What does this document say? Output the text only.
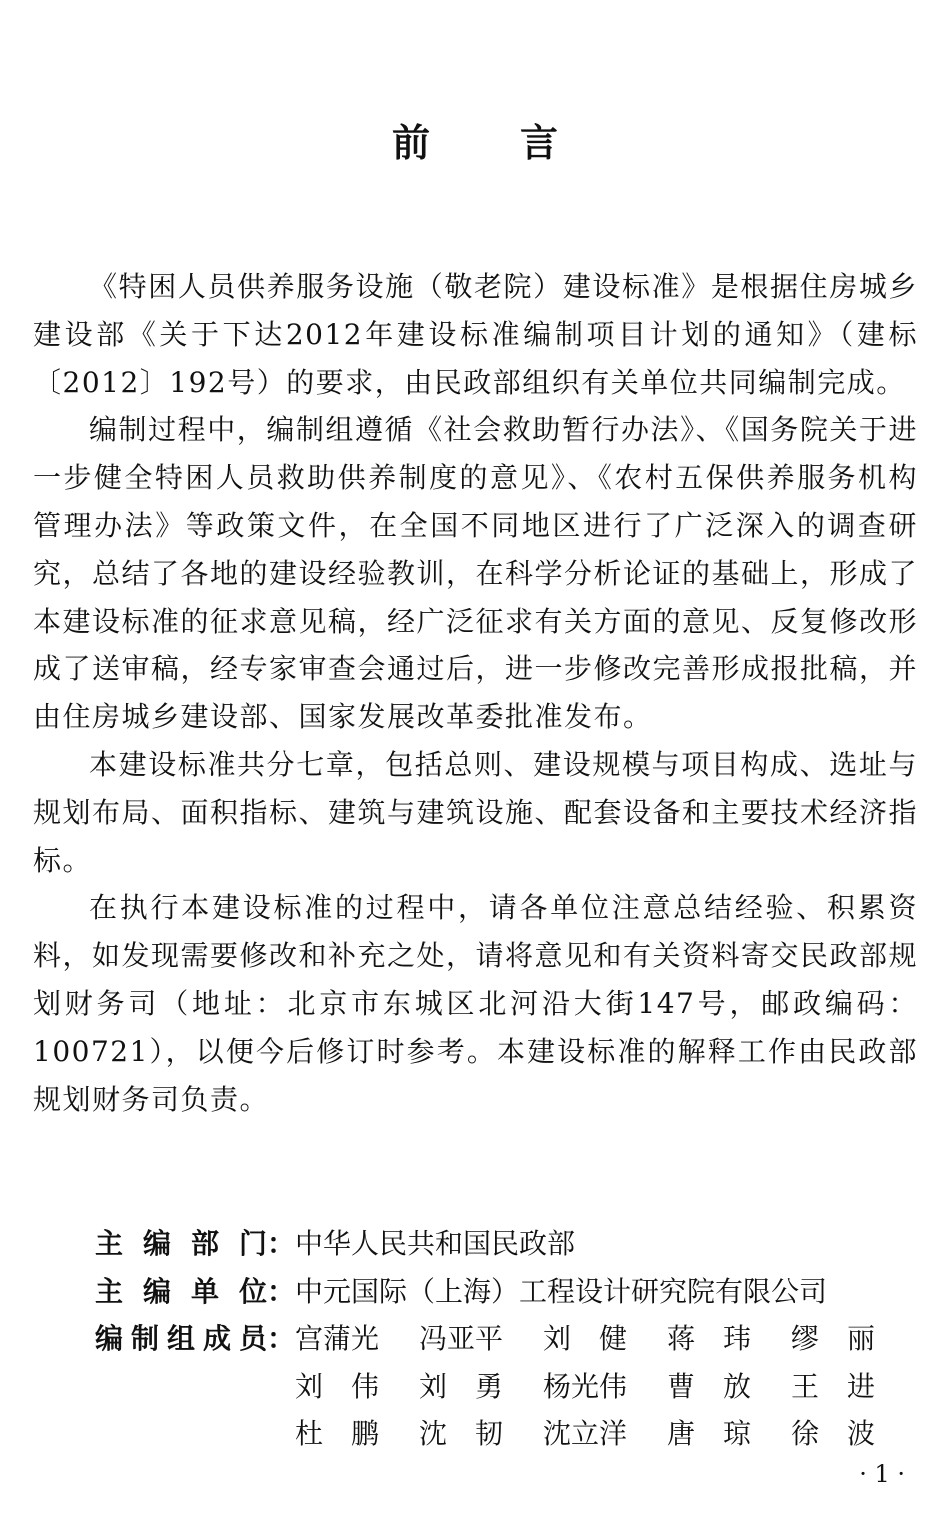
前言

《特困人员供养服务设施（敬老院）建设标准》是根据住房城乡建设部《关于下达2012年建设标准编制项目计划的通知》（建标〔2012〕192号）的要求，由民政部组织有关单位共同编制完成。

编制过程中，编制组遵循《社会救助暂行办法》、《国务院关于进一步健全特困人员救助供养制度的意见》、《农村五保供养服务机构管理办法》等政策文件，在全国不同地区进行了广泛深入的调查研究，总结了各地的建设经验教训，在科学分析论证的基础上，形成了本建设标准的征求意见稿，经广泛征求有关方面的意见、反复修改形成了送审稿，经专家审查会通过后，进一步修改完善形成报批稿，并由住房城乡建设部、国家发展改革委批准发布。

本建设标准共分七章，包括总则、建设规模与项目构成、选址与规划布局、面积指标、建筑与建筑设施、配套设备和主要技术经济指标。

在执行本建设标准的过程中，请各单位注意总结经验、积累资料，如发现需要修改和补充之处，请将意见和有关资料寄交民政部规划财务司（地址：北京市东城区北河沿大街147号，邮政编码：100721），以便今后修订时参考。本建设标准的解释工作由民政部规划财务司负责。

主编部门 ： 中华人民共和国民政部
主编单位 ： 中元国际（上海）工程设计研究院有限公司
编制组成员 ： 宫蒲光	冯亚平	刘健 蒋玮 缪丽
刘伟 刘勇 杨光伟	曹放 王进
杜鹏 沈韧 沈立洋	唐琼 徐波
· 1 ·
